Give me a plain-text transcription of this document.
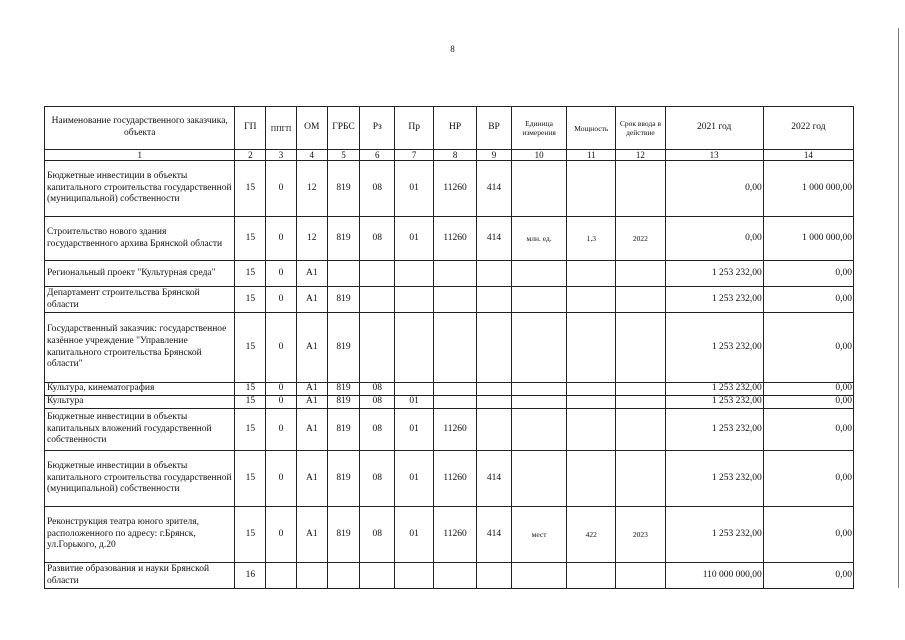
8
Наименование государственного заказчика, объекта	ГП	ППГП	ОМ	ГРБС	Рз	Пр	НР	ВР	Единица измерения	Мощность	Срок ввода в действие	2021 год	2022 год
1	2	3	4	5	6	7	8	9	10	11	12	13	14
Бюджетные инвестиции в объекты капитального строительства государственной (муниципальной) собственности	15	0	12	819	08	01	11260	414				0,00	1 000 000,00
Строительство нового здания государственного архива Брянской области	15	0	12	819	08	01	11260	414	млн. ед.	1,3	2022	0,00	1 000 000,00
Региональный проект "Культурная среда"	15	0	А1									1 253 232,00	0,00
Департамент строительства Брянской области	15	0	А1	819								1 253 232,00	0,00
Государственный заказчик: государственное казённое учреждение "Управление капитального строительства Брянской области"	15	0	А1	819								1 253 232,00	0,00
Культура, кинематография	15	0	А1	819	08							1 253 232,00	0,00
Культура	15	0	А1	819	08	01						1 253 232,00	0,00
Бюджетные инвестиции в объекты капитальных вложений государственной собственности	15	0	А1	819	08	01	11260					1 253 232,00	0,00
Бюджетные инвестиции в объекты капитального строительства государственной (муниципальной) собственности	15	0	А1	819	08	01	11260	414				1 253 232,00	0,00
Реконструкция театра юного зрителя, расположенного по адресу: г.Брянск, ул.Горького, д.20	15	0	А1	819	08	01	11260	414	мест	422	2023	1 253 232,00	0,00
Развитие образования и науки Брянской области	16											110 000 000,00	0,00
